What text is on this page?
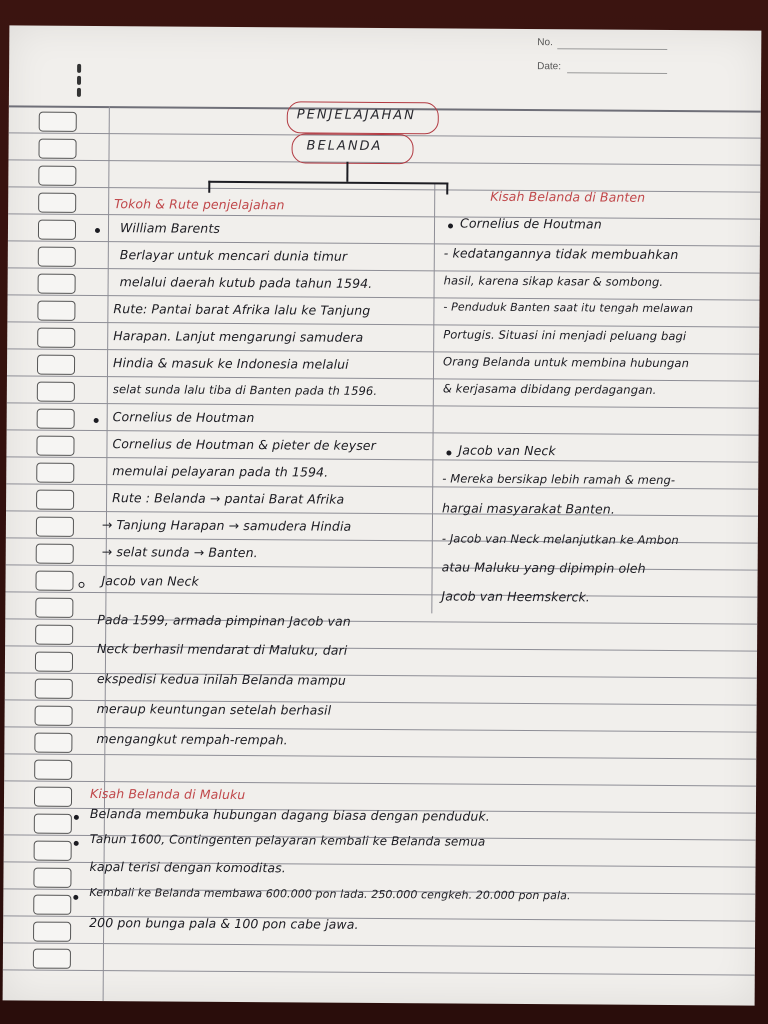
No.
Date:
PENJELAJAHAN
BELANDA
Tokoh & Rute penjelajahan
William Barents
Berlayar untuk mencari dunia timur
melalui daerah kutub pada tahun 1594.
Rute: Pantai barat Afrika lalu ke Tanjung
Harapan. Lanjut mengarungi samudera
Hindia & masuk ke Indonesia melalui
selat sunda lalu tiba di Banten pada th 1596.
Cornelius de Houtman
Cornelius de Houtman & pieter de keyser
memulai pelayaran pada th 1594.
Rute : Belanda → pantai Barat Afrika
→ Tanjung Harapan → samudera Hindia
→ selat sunda → Banten.
Jacob van Neck
Kisah Belanda di Banten
Cornelius de Houtman
- kedatangannya tidak membuahkan
hasil, karena sikap kasar & sombong.
- Penduduk Banten saat itu tengah melawan
Portugis. Situasi ini menjadi peluang bagi
Orang Belanda untuk membina hubungan
& kerjasama dibidang perdagangan.
Jacob van Neck
- Mereka bersikap lebih ramah & meng-
hargai masyarakat Banten.
- Jacob van Neck melanjutkan ke Ambon
atau Maluku yang dipimpin oleh
Jacob van Heemskerck.
Pada 1599, armada pimpinan Jacob van
Neck berhasil mendarat di Maluku, dari
ekspedisi kedua inilah Belanda mampu
meraup keuntungan setelah berhasil
mengangkut rempah-rempah.
Kisah Belanda di Maluku
Belanda membuka hubungan dagang biasa dengan penduduk.
Tahun 1600, Contingenten pelayaran kembali ke Belanda semua
kapal terisi dengan komoditas.
Kembali ke Belanda membawa 600.000 pon lada. 250.000 cengkeh. 20.000 pon pala.
200 pon bunga pala & 100 pon cabe jawa.
